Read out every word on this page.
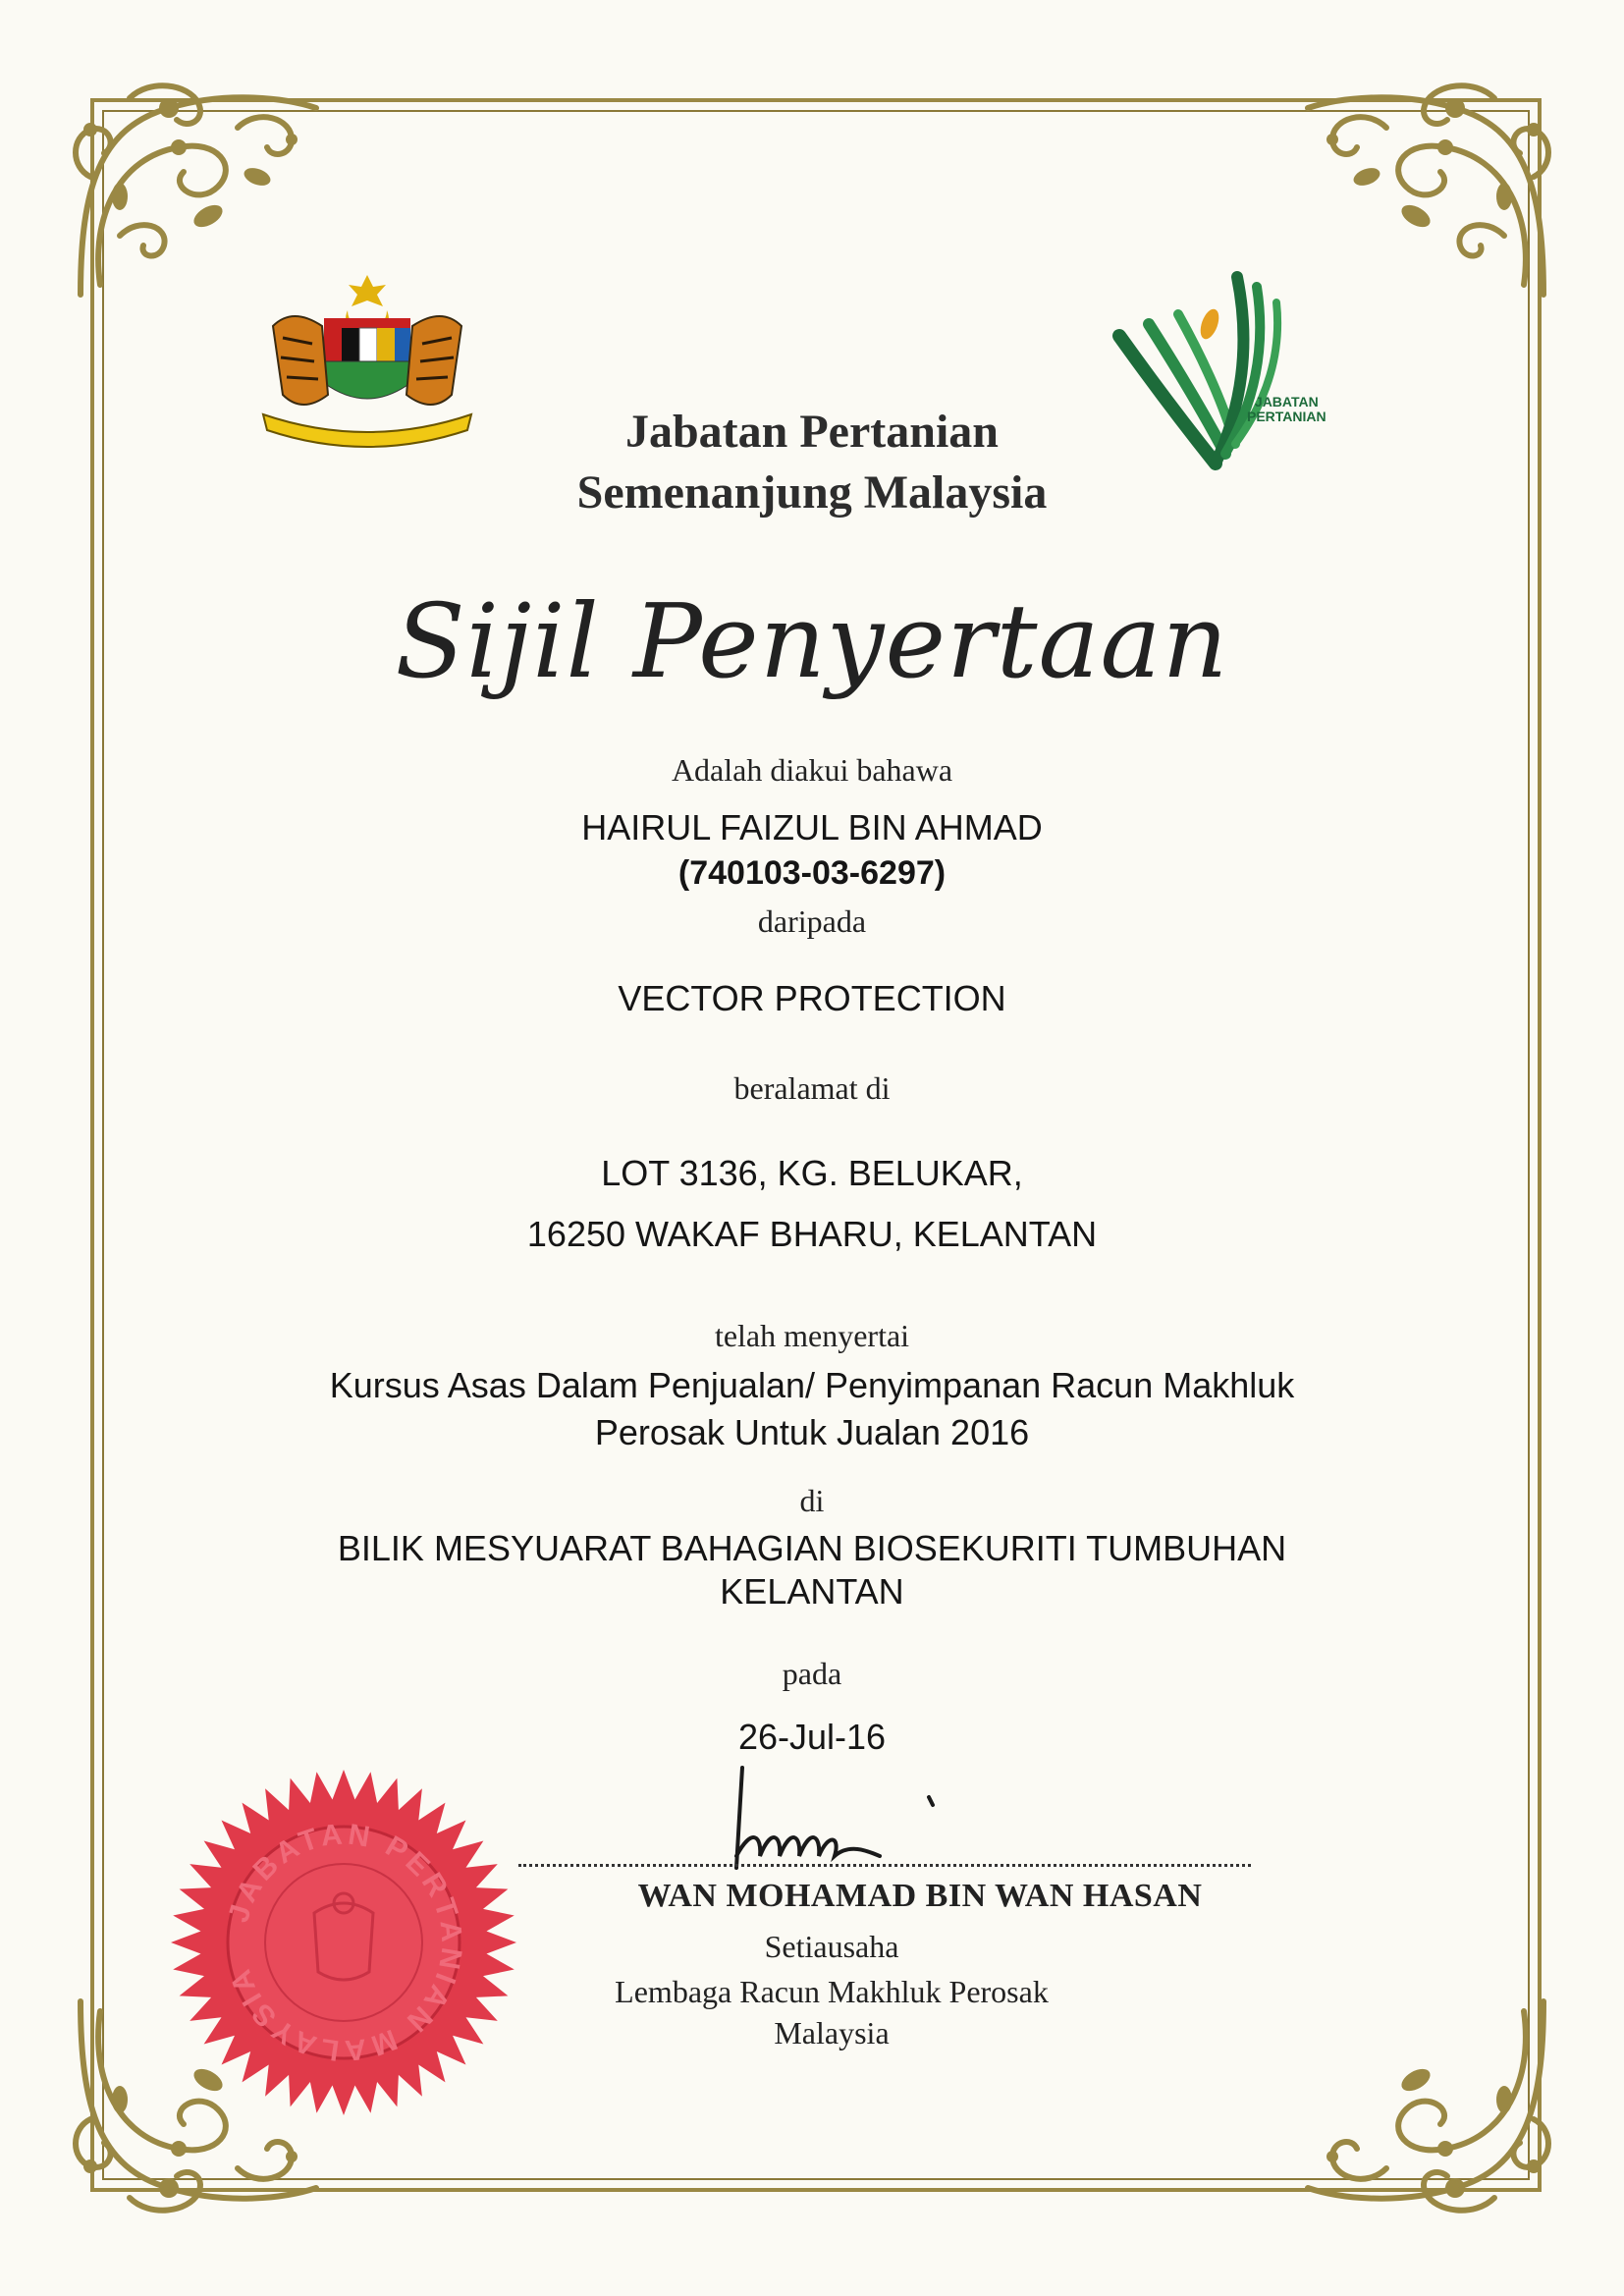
JABATAN
PERTANIAN
Jabatan Pertanian
Semenanjung Malaysia
Sijil Penyertaan
Adalah diakui bahawa
HAIRUL FAIZUL BIN AHMAD
(740103-03-6297)
daripada
VECTOR PROTECTION
beralamat di
LOT 3136, KG. BELUKAR,
16250 WAKAF BHARU, KELANTAN
telah menyertai
Kursus Asas Dalam Penjualan/ Penyimpanan Racun Makhluk
Perosak Untuk Jualan 2016
di
BILIK MESYUARAT BAHAGIAN BIOSEKURITI TUMBUHAN
KELANTAN
pada
26-Jul-16
WAN MOHAMAD BIN WAN HASAN
Setiausaha
Lembaga Racun Makhluk Perosak
Malaysia
JABATAN PERTANIAN MALAYSIA
